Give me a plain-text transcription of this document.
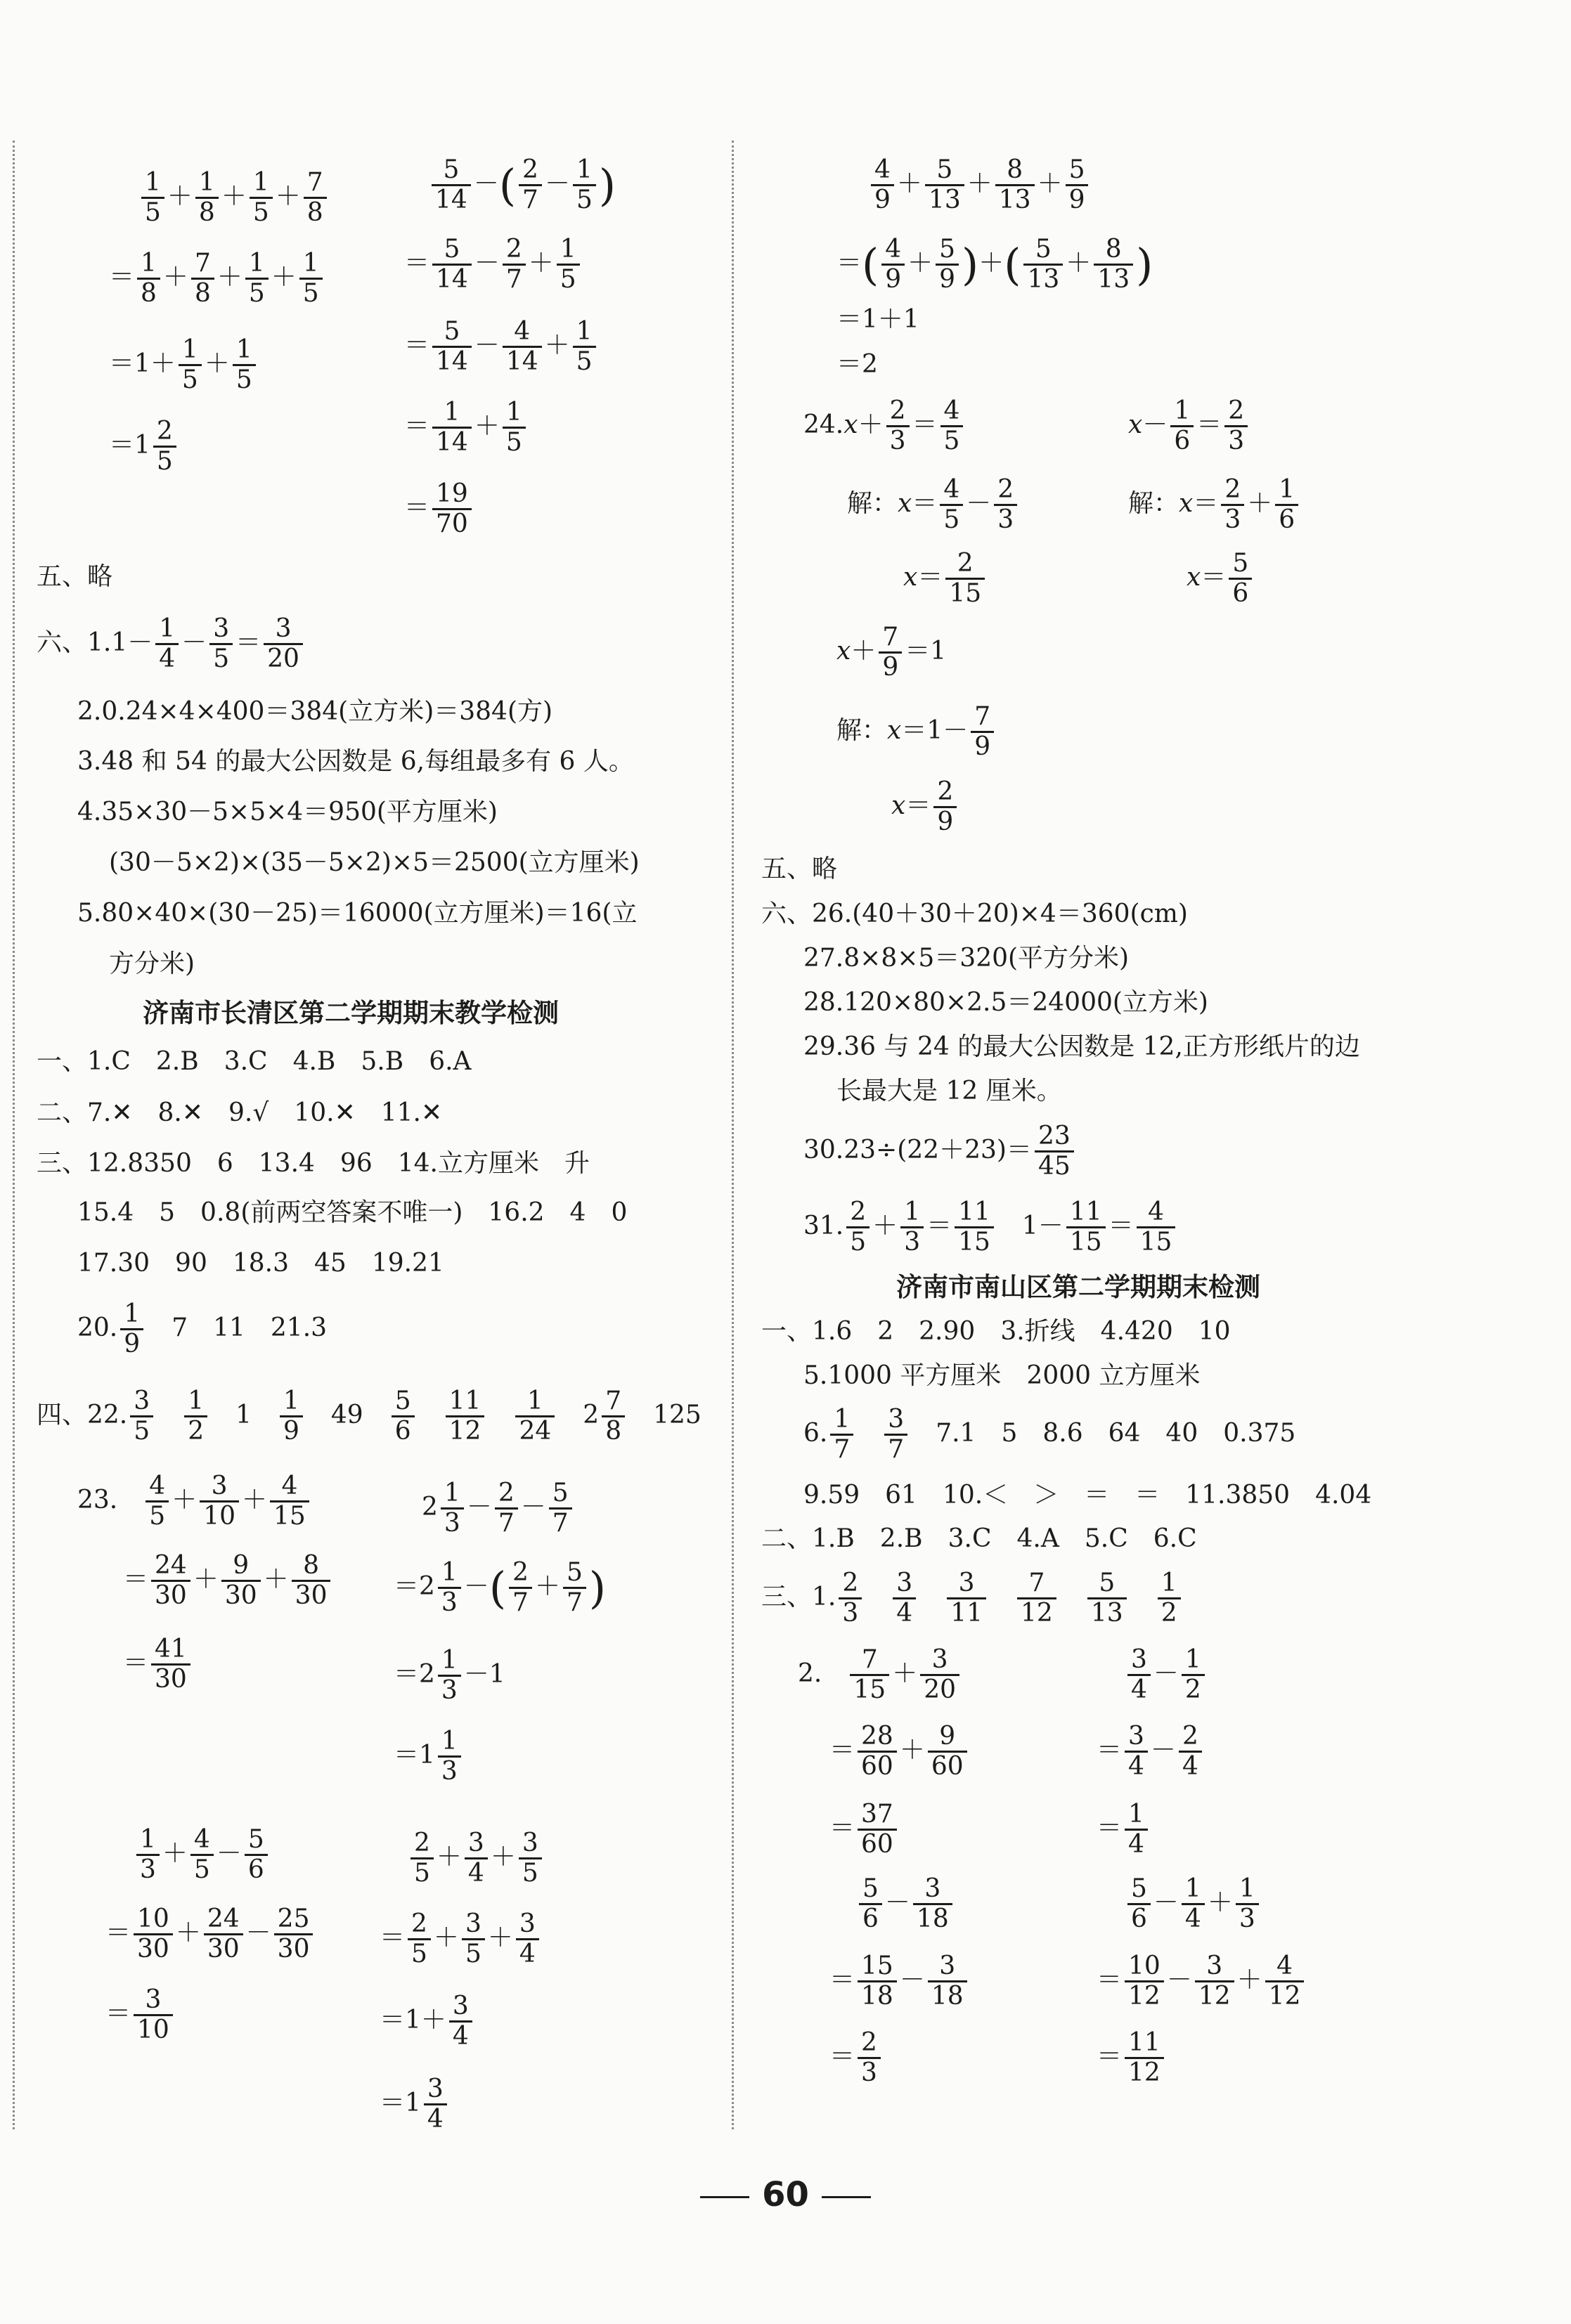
$\frac{1}{5} + \frac{1}{8} + \frac{1}{5} + \frac{7}{8}$
＝ $\frac{1}{8} + \frac{7}{8} + \frac{1}{5} + \frac{1}{5}$
$=1+ \frac{1}{5} + \frac{1}{5}$
$=1 \frac{2}{5}$
$\frac{5}{14}$ －( $\frac{2}{7} - \frac{1}{5}$ )
＝ $\frac{5}{14} - \frac{2}{7} + \frac{1}{5}$
＝ $\frac{5}{14} - \frac{4}{14} + \frac{1}{5}$
＝ $\frac{1}{14} + \frac{1}{5}$
＝ $\frac{19}{70}$
五、略
六、$1.1- \frac{1}{4} - \frac{3}{5} = \frac{3}{20}$
2.0.24×4×400＝384(立方米)＝384(方)
3.48 和 54 的最大公因数是 6,每组最多有 6 人。
4.35×30－5×5×4＝950(平方厘米)
(30－5×2)×(35－5×2)×5＝2500(立方厘米)
5.80×40×(30－25)＝16000(立方厘米)＝16(立
方分米)
济南市长清区第二学期期末教学检测
一、1.C　2.B　3.C　4.B　5.B　6.A
二、7.✕　8.✕　9.√　10.✕　11.✕
三、12.8350　6　13.4　96　14.立方厘米　升
15.4　5　0.8(前两空答案不唯一)　16.2　4　0
17.30　90　18.3　45　19.21
20. $\frac{1}{9}$
　 7　11　21.3
四、22. $\frac{3}{5}$
　 $\frac{1}{2}$ 　1　 $\frac{1}{9}$ 　49　 $\frac{5}{6}$
　 $\frac{11}{12}$
　 $\frac{1}{24}$ 　$2 \frac{7}{8}$ 　125
23.　 $\frac{4}{5} + \frac{3}{10} + \frac{4}{15}$
＝ $\frac{24}{30} + \frac{9}{30} + \frac{8}{30}$
＝ $\frac{41}{30}$
$2 \frac{1}{3} - \frac{2}{7} - \frac{5}{7}$
$=2 \frac{1}{3}$ －( $\frac{2}{7} + \frac{5}{7}$ )
$=2 \frac{1}{3} -1$
$=1 \frac{1}{3}$
$\frac{1}{3} + \frac{4}{5} - \frac{5}{6}$
＝ $\frac{10}{30} + \frac{24}{30} - \frac{25}{30}$
＝ $\frac{3}{10}$
$\frac{2}{5} + \frac{3}{4} + \frac{3}{5}$
＝ $\frac{2}{5} + \frac{3}{5} + \frac{3}{4}$
$=1+ \frac{3}{4}$
$=1 \frac{3}{4}$
$\frac{4}{9} + \frac{5}{13} + \frac{8}{13} + \frac{5}{9}$
＝( $\frac{4}{9} + \frac{5}{9}$ )＋( $\frac{5}{13} + \frac{8}{13}$ )
＝1＋1
＝2
$24.x+ \frac{2}{3} = \frac{4}{5}$
解：$x= \frac{4}{5} - \frac{2}{3}$
$x= \frac{2}{15}$
$x- \frac{1}{6} = \frac{2}{3}$
解：$x= \frac{2}{3} + \frac{1}{6}$
$x= \frac{5}{6}$
$x+ \frac{7}{9} =1$
解：$x=1- \frac{7}{9}$
$x= \frac{2}{9}$
五、略
六、26.(40＋30＋20)×4＝360(cm)
27.8×8×5＝320(平方分米)
28.120×80×2.5＝24000(立方米)
29.36 与 24 的最大公因数是 12,正方形纸片的边
长最大是 12 厘米。
$30.23\div(22+23)= \frac{23}{45}$
31. $\frac{2}{5} + \frac{1}{3} = \frac{11}{15}$ 　$1- \frac{11}{15} = \frac{4}{15}$
济南市南山区第二学期期末检测
一、1.6　2　2.90　3.折线　4.420　10
5.1000 平方厘米　2000 立方厘米
6. $\frac{1}{7}$
　 $\frac{3}{7}$
　 7.1　5　8.6　64　40　0.375
9.59　61　10.＜　＞　＝　＝　11.3850　4.04
二、1.B　2.B　3.C　4.A　5.C　6.C
三、1. $\frac{2}{3}$
　 $\frac{3}{4}$
　 $\frac{3}{11}$
　 $\frac{7}{12}$
　 $\frac{5}{13}$
　 $\frac{1}{2}$
2.　 $\frac{7}{15} + \frac{3}{20}$
＝ $\frac{28}{60} + \frac{9}{60}$
＝ $\frac{37}{60}$
$\frac{5}{6} - \frac{3}{18}$
＝ $\frac{15}{18} - \frac{3}{18}$
＝ $\frac{2}{3}$
$\frac{3}{4} - \frac{1}{2}$
＝ $\frac{3}{4} - \frac{2}{4}$
＝ $\frac{1}{4}$
$\frac{5}{6} - \frac{1}{4} + \frac{1}{3}$
＝ $\frac{10}{12} - \frac{3}{12} + \frac{4}{12}$
＝ $\frac{11}{12}$
60
